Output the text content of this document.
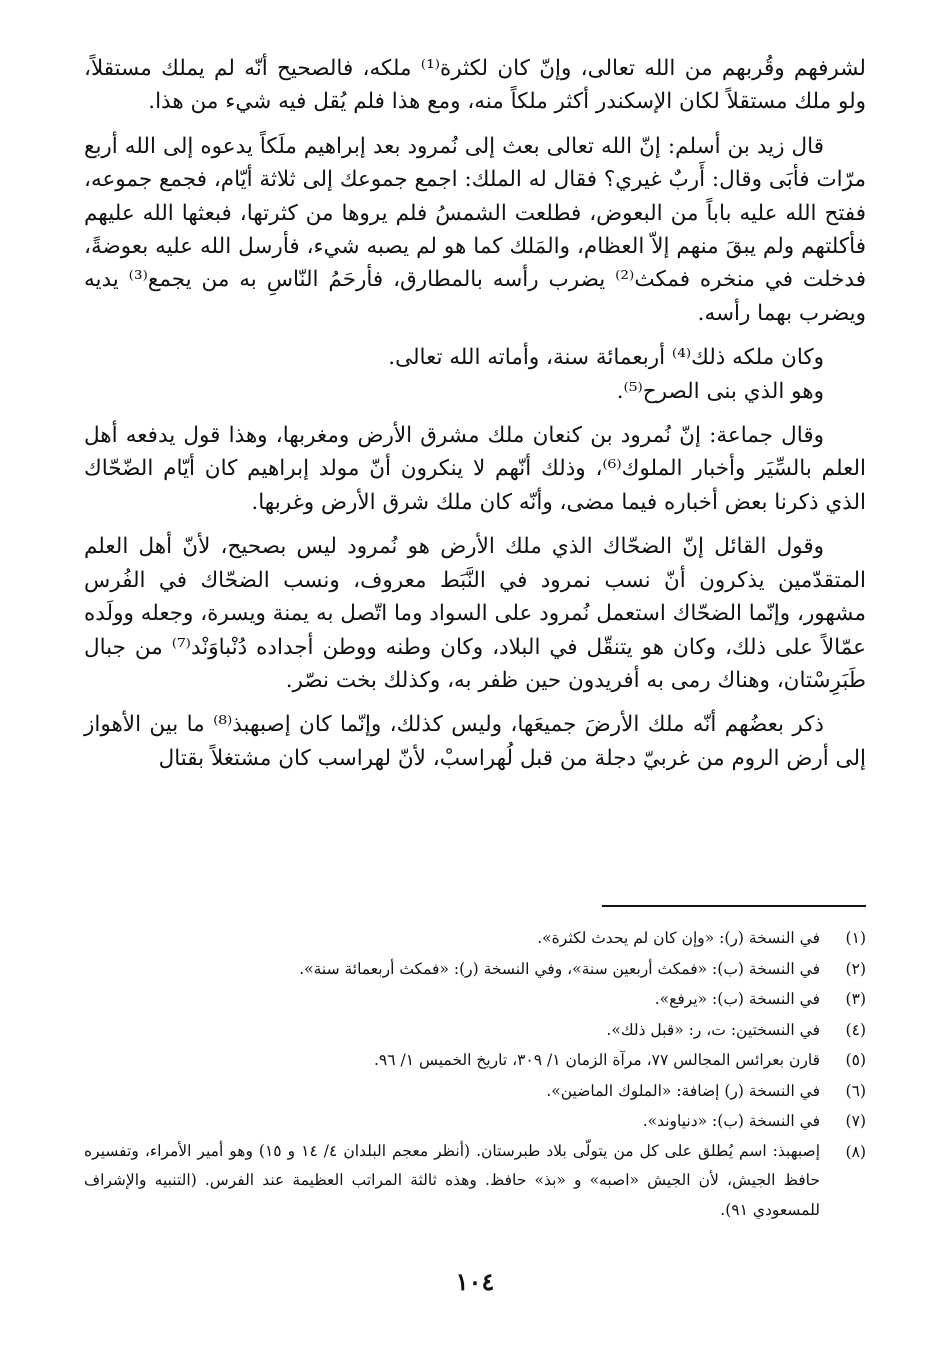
لشرفهم وقُربهم من الله تعالى، وإنّ كان لكثرة⁽¹⁾ ملكه، فالصحيح أنّه لم يملك مستقلاً، ولو ملك مستقلاً لكان الإسكندر أكثر ملكاً منه، ومع هذا فلم يُقل فيه شيء من هذا.

قال زيد بن أسلم: إنّ الله تعالى بعث إلى نُمرود بعد إبراهيم ملَكاً يدعوه إلى الله أربع مرّات فأبَى وقال: أَربٌ غيري؟ فقال له الملك: اجمع جموعك إلى ثلاثة أيّام، فجمع جموعه، ففتح الله عليه باباً من البعوض، فطلعت الشمسُ فلم يروها من كثرتها، فبعثها الله عليهم فأكلتهم ولم يبقَ منهم إلاّ العظام، والمَلك كما هو لم يصبه شيء، فأرسل الله عليه بعوضةً، فدخلت في منخره فمكث⁽²⁾ يضرب رأسه بالمطارق، فأرحَمُ النّاسِ به من يجمع⁽³⁾ يديه ويضرب بهما رأسه.

وكان ملكه ذلك⁽⁴⁾ أربعمائة سنة، وأماته الله تعالى.

وهو الذي بنى الصرح⁽⁵⁾.

وقال جماعة: إنّ نُمرود بن كنعان ملك مشرق الأرض ومغربها، وهذا قول يدفعه أهل العلم بالسِّيَر وأخبار الملوك⁽⁶⁾، وذلك أنّهم لا ينكرون أنّ مولد إبراهيم كان أيّام الضّحّاك الذي ذكرنا بعض أخباره فيما مضى، وأنّه كان ملك شرق الأرض وغربها.

وقول القائل إنّ الضحّاك الذي ملك الأرض هو نُمرود ليس بصحيح، لأنّ أهل العلم المتقدّمين يذكرون أنّ نسب نمرود في النَّبَط معروف، ونسب الضحّاك في الفُرس مشهور، وإنّما الضحّاك استعمل نُمرود على السواد وما اتّصل به يمنة ويسرة، وجعله وولَده عمّالاً على ذلك، وكان هو يتنقّل في البلاد، وكان وطنه ووطن أجداده دُنْباوَنْد⁽⁷⁾ من جبال طَبَرِسْتان، وهناك رمى به أفريدون حين ظفر به، وكذلك بخت نصّر.

ذكر بعضُهم أنّه ملك الأرضَ جميعَها، وليس كذلك، وإنّما كان إصبهبذ⁽⁸⁾ ما بين الأهواز إلى أرض الروم من غربيّ دجلة من قبل لُهراسبْ، لأنّ لهراسب كان مشتغلاً بقتال

(١)
في النسخة (ر): «وإن كان لم يحدث لكثرة».
(٢)
في النسخة (ب): «فمكث أربعين سنة»، وفي النسخة (ر): «فمكث أربعمائة سنة».
(٣)
في النسخة (ب): «يرفع».
(٤)
في النسختين: ت، ر: «قبل ذلك».
(٥)
قارن بعرائس المجالس ٧٧، مرآة الزمان ١/ ٣٠٩، تاريخ الخميس ١/ ٩٦.
(٦)
في النسخة (ر) إضافة: «الملوك الماضين».
(٧)
في النسخة (ب): «دنياوند».
(٨)
إصبهبذ: اسم يُطلق على كل من يتولّى بلاد طبرستان. (أنظر معجم البلدان ٤/ ١٤ و ١٥) وهو أمير الأمراء، وتفسيره حافظ الجيش، لأن الجيش «اصبه» و «بذ» حافظ. وهذه ثالثة المراتب العظيمة عند الفرس. (التنبيه والإشراف للمسعودي ٩١).
١٠٤
